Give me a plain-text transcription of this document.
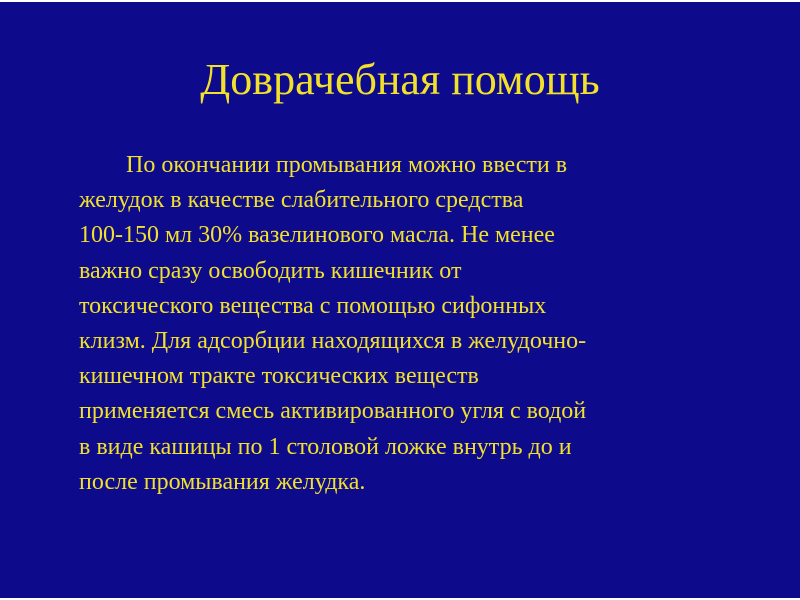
Доврачебная помощь
По окончании промывания можно ввести в
желудок в качестве слабительного средства
100-150 мл 30% вазелинового масла. Не менее
важно сразу освободить кишечник от
токсического вещества с помощью сифонных
клизм. Для адсорбции находящихся в желудочно-
кишечном тракте токсических веществ
применяется смесь активированного угля с водой
в виде кашицы по 1 столовой ложке внутрь до и
после промывания желудка.
